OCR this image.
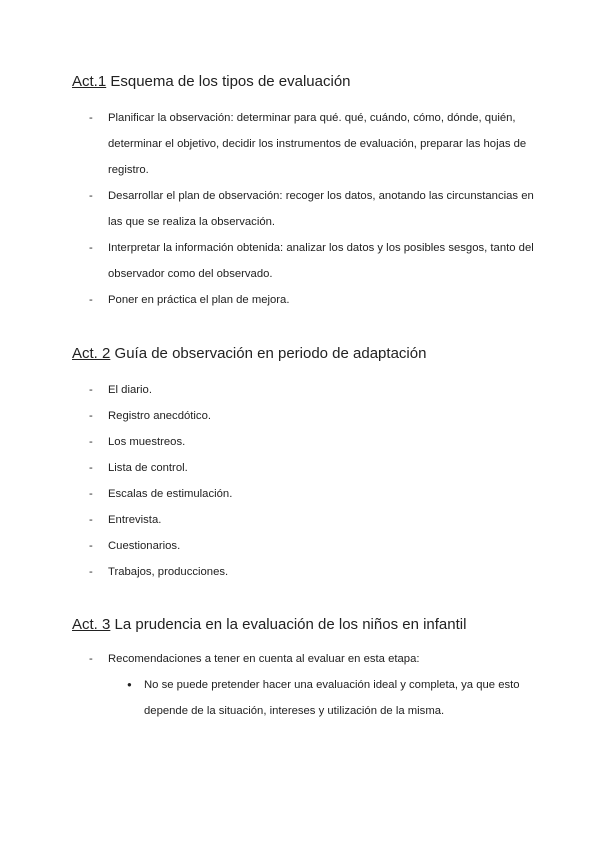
Act.1 Esquema de los tipos de evaluación
- Planificar la observación: determinar para qué. qué, cuándo, cómo, dónde, quién, determinar el objetivo, decidir los instrumentos de evaluación, preparar las hojas de registro.
- Desarrollar el plan de observación: recoger los datos, anotando las circunstancias en las que se realiza la observación.
- Interpretar la información obtenida: analizar los datos y los posibles sesgos, tanto del observador como del observado.
- Poner en práctica el plan de mejora.
Act. 2 Guía de observación en periodo de adaptación
- El diario.
- Registro anecdótico.
- Los muestreos.
- Lista de control.
- Escalas de estimulación.
- Entrevista.
- Cuestionarios.
- Trabajos, producciones.
Act. 3 La prudencia en la evaluación de los niños en infantil
- Recomendaciones a tener en cuenta al evaluar en esta etapa:
● No se puede pretender hacer una evaluación ideal y completa, ya que esto depende de la situación, intereses y utilización de la misma.
